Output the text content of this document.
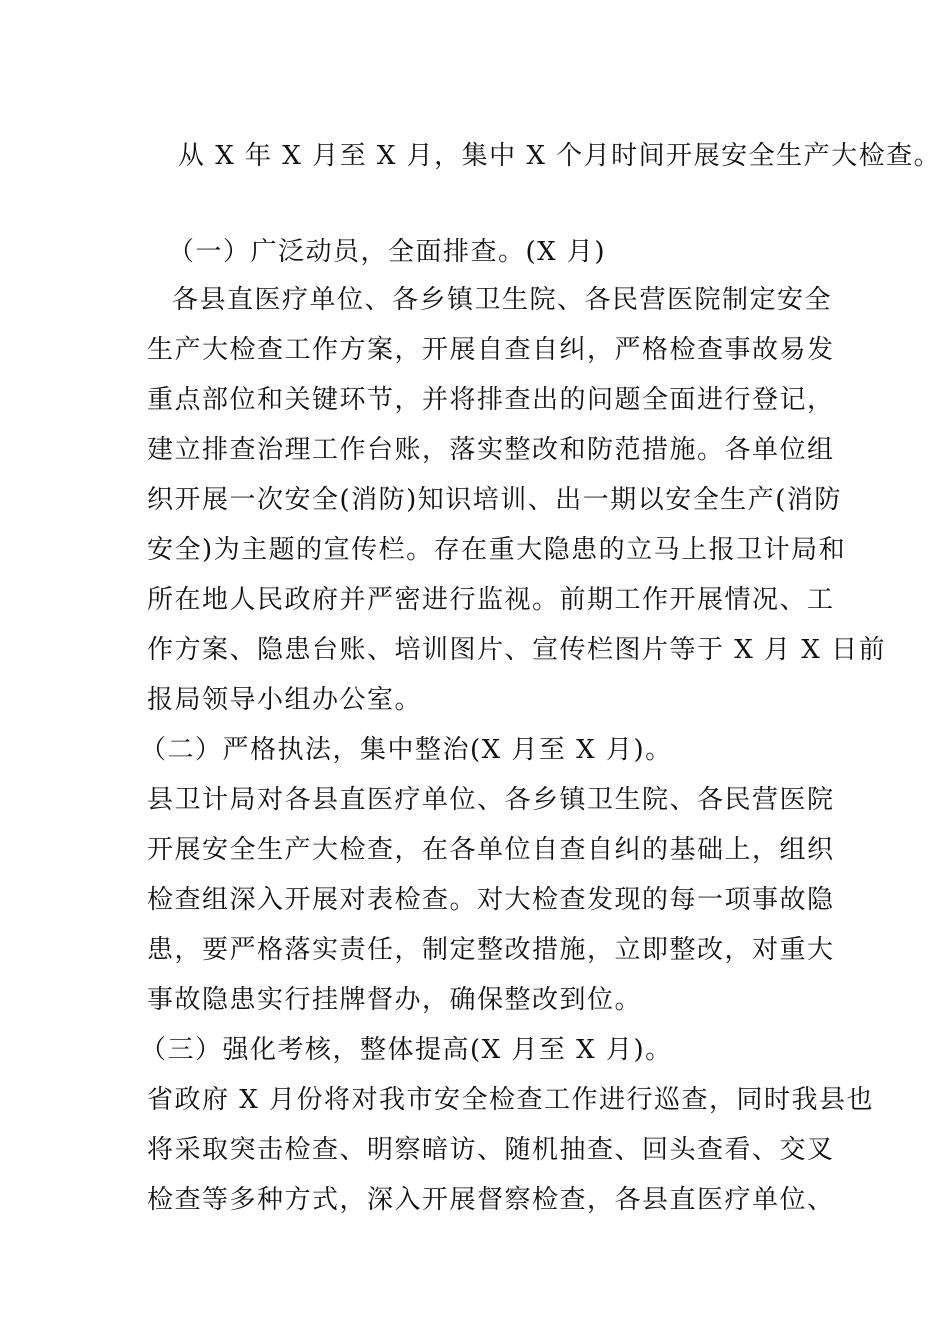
从 X 年 X 月至 X 月，集中 X 个月时间开展安全生产大检查。
（一）广泛动员，全面排查。(X 月)
各县直医疗单位、各乡镇卫生院、各民营医院制定安全
生产大检查工作方案，开展自查自纠，严格检查事故易发
重点部位和关键环节，并将排查出的问题全面进行登记，
建立排查治理工作台账，落实整改和防范措施。各单位组
织开展一次安全(消防)知识培训、出一期以安全生产(消防
安全)为主题的宣传栏。存在重大隐患的立马上报卫计局和
所在地人民政府并严密进行监视。前期工作开展情况、工
作方案、隐患台账、培训图片、宣传栏图片等于 X 月 X 日前
报局领导小组办公室。
（二）严格执法，集中整治(X 月至 X 月)。
县卫计局对各县直医疗单位、各乡镇卫生院、各民营医院
开展安全生产大检查，在各单位自查自纠的基础上，组织
检查组深入开展对表检查。对大检查发现的每一项事故隐
患，要严格落实责任，制定整改措施，立即整改，对重大
事故隐患实行挂牌督办，确保整改到位。
（三）强化考核，整体提高(X 月至 X 月)。
省政府 X 月份将对我市安全检查工作进行巡查，同时我县也
将采取突击检查、明察暗访、随机抽查、回头查看、交叉
检查等多种方式，深入开展督察检查，各县直医疗单位、
